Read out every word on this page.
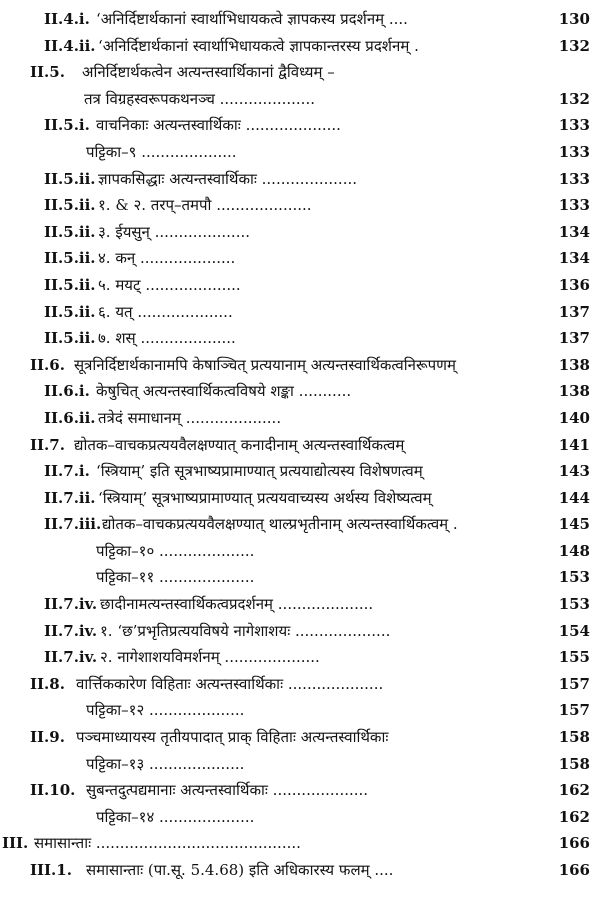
II.4.i. ‘अनिर्दिष्टार्थकानां स्वार्थाभिधायकत्वे ज्ञापकस्य प्रदर्शनम् ....	130
II.4.ii. ‘अनिर्दिष्टार्थकानां स्वार्थाभिधायकत्वे ज्ञापकान्तरस्य प्रदर्शनम् .	132
II.5. अनिर्दिष्टार्थकत्वेन अत्यन्तस्वार्थिकानां द्वैविध्यम् –
तत्र विग्रहस्वरूपकथनञ्च ....................	132
II.5.i. वाचनिकाः अत्यन्तस्वार्थिकाः ....................	133
पट्टिका–९ ....................	133
II.5.ii. ज्ञापकसिद्धाः अत्यन्तस्वार्थिकाः ....................	133
II.5.ii. १. & २. तरप्–तमपौ ....................	133
II.5.ii. ३. ईयसुन् ....................	134
II.5.ii. ४. कन् ....................	134
II.5.ii. ५. मयट् ....................	136
II.5.ii. ६. यत् ....................	137
II.5.ii. ७. शस् ....................	137
II.6. सूत्रनिर्दिष्टार्थकानामपि केषाञ्चित् प्रत्ययानाम् अत्यन्तस्वार्थिकत्वनिरूपणम्	138
II.6.i. केषुचित् अत्यन्तस्वार्थिकत्वविषये शङ्का ...........	138
II.6.ii. तत्रेदं समाधानम् ....................	140
II.7. द्योतक–वाचकप्रत्ययवैलक्षण्यात् कनादीनाम् अत्यन्तस्वार्थिकत्वम्	141
II.7.i. ‘स्त्रियाम्’ इति सूत्रभाष्यप्रामाण्यात् प्रत्ययाद्योत्यस्य विशेषणत्वम्	143
II.7.ii. ‘स्त्रियाम्’ सूत्रभाष्यप्रामाण्यात् प्रत्ययवाच्यस्य अर्थस्य विशेष्यत्वम्	144
II.7.iii. द्योतक–वाचकप्रत्ययवैलक्षण्यात् थाल्प्रभृतीनाम् अत्यन्तस्वार्थिकत्वम् .	145
पट्टिका–१० ....................	148
पट्टिका–११ ....................	153
II.7.iv. छादीनामत्यन्तस्वार्थिकत्वप्रदर्शनम् ....................	153
II.7.iv. १. ‘छ’प्रभृतिप्रत्ययविषये नागेशाशयः ....................	154
II.7.iv. २. नागेशाशयविमर्शनम् ....................	155
II.8. वार्त्तिककारेण विहिताः अत्यन्तस्वार्थिकाः ....................	157
पट्टिका–१२ ....................	157
II.9. पञ्चमाध्यायस्य तृतीयपादात् प्राक् विहिताः अत्यन्तस्वार्थिकाः	158
पट्टिका–१३ ....................	158
II.10. सुबन्तदुत्पद्यमानाः अत्यन्तस्वार्थिकाः ....................	162
पट्टिका–१४ ....................	162
III. समासान्ताः ...........................................	166
III.1. समासान्ताः (पा.सू. 5.4.68) इति अधिकारस्य फलम् ....	166
